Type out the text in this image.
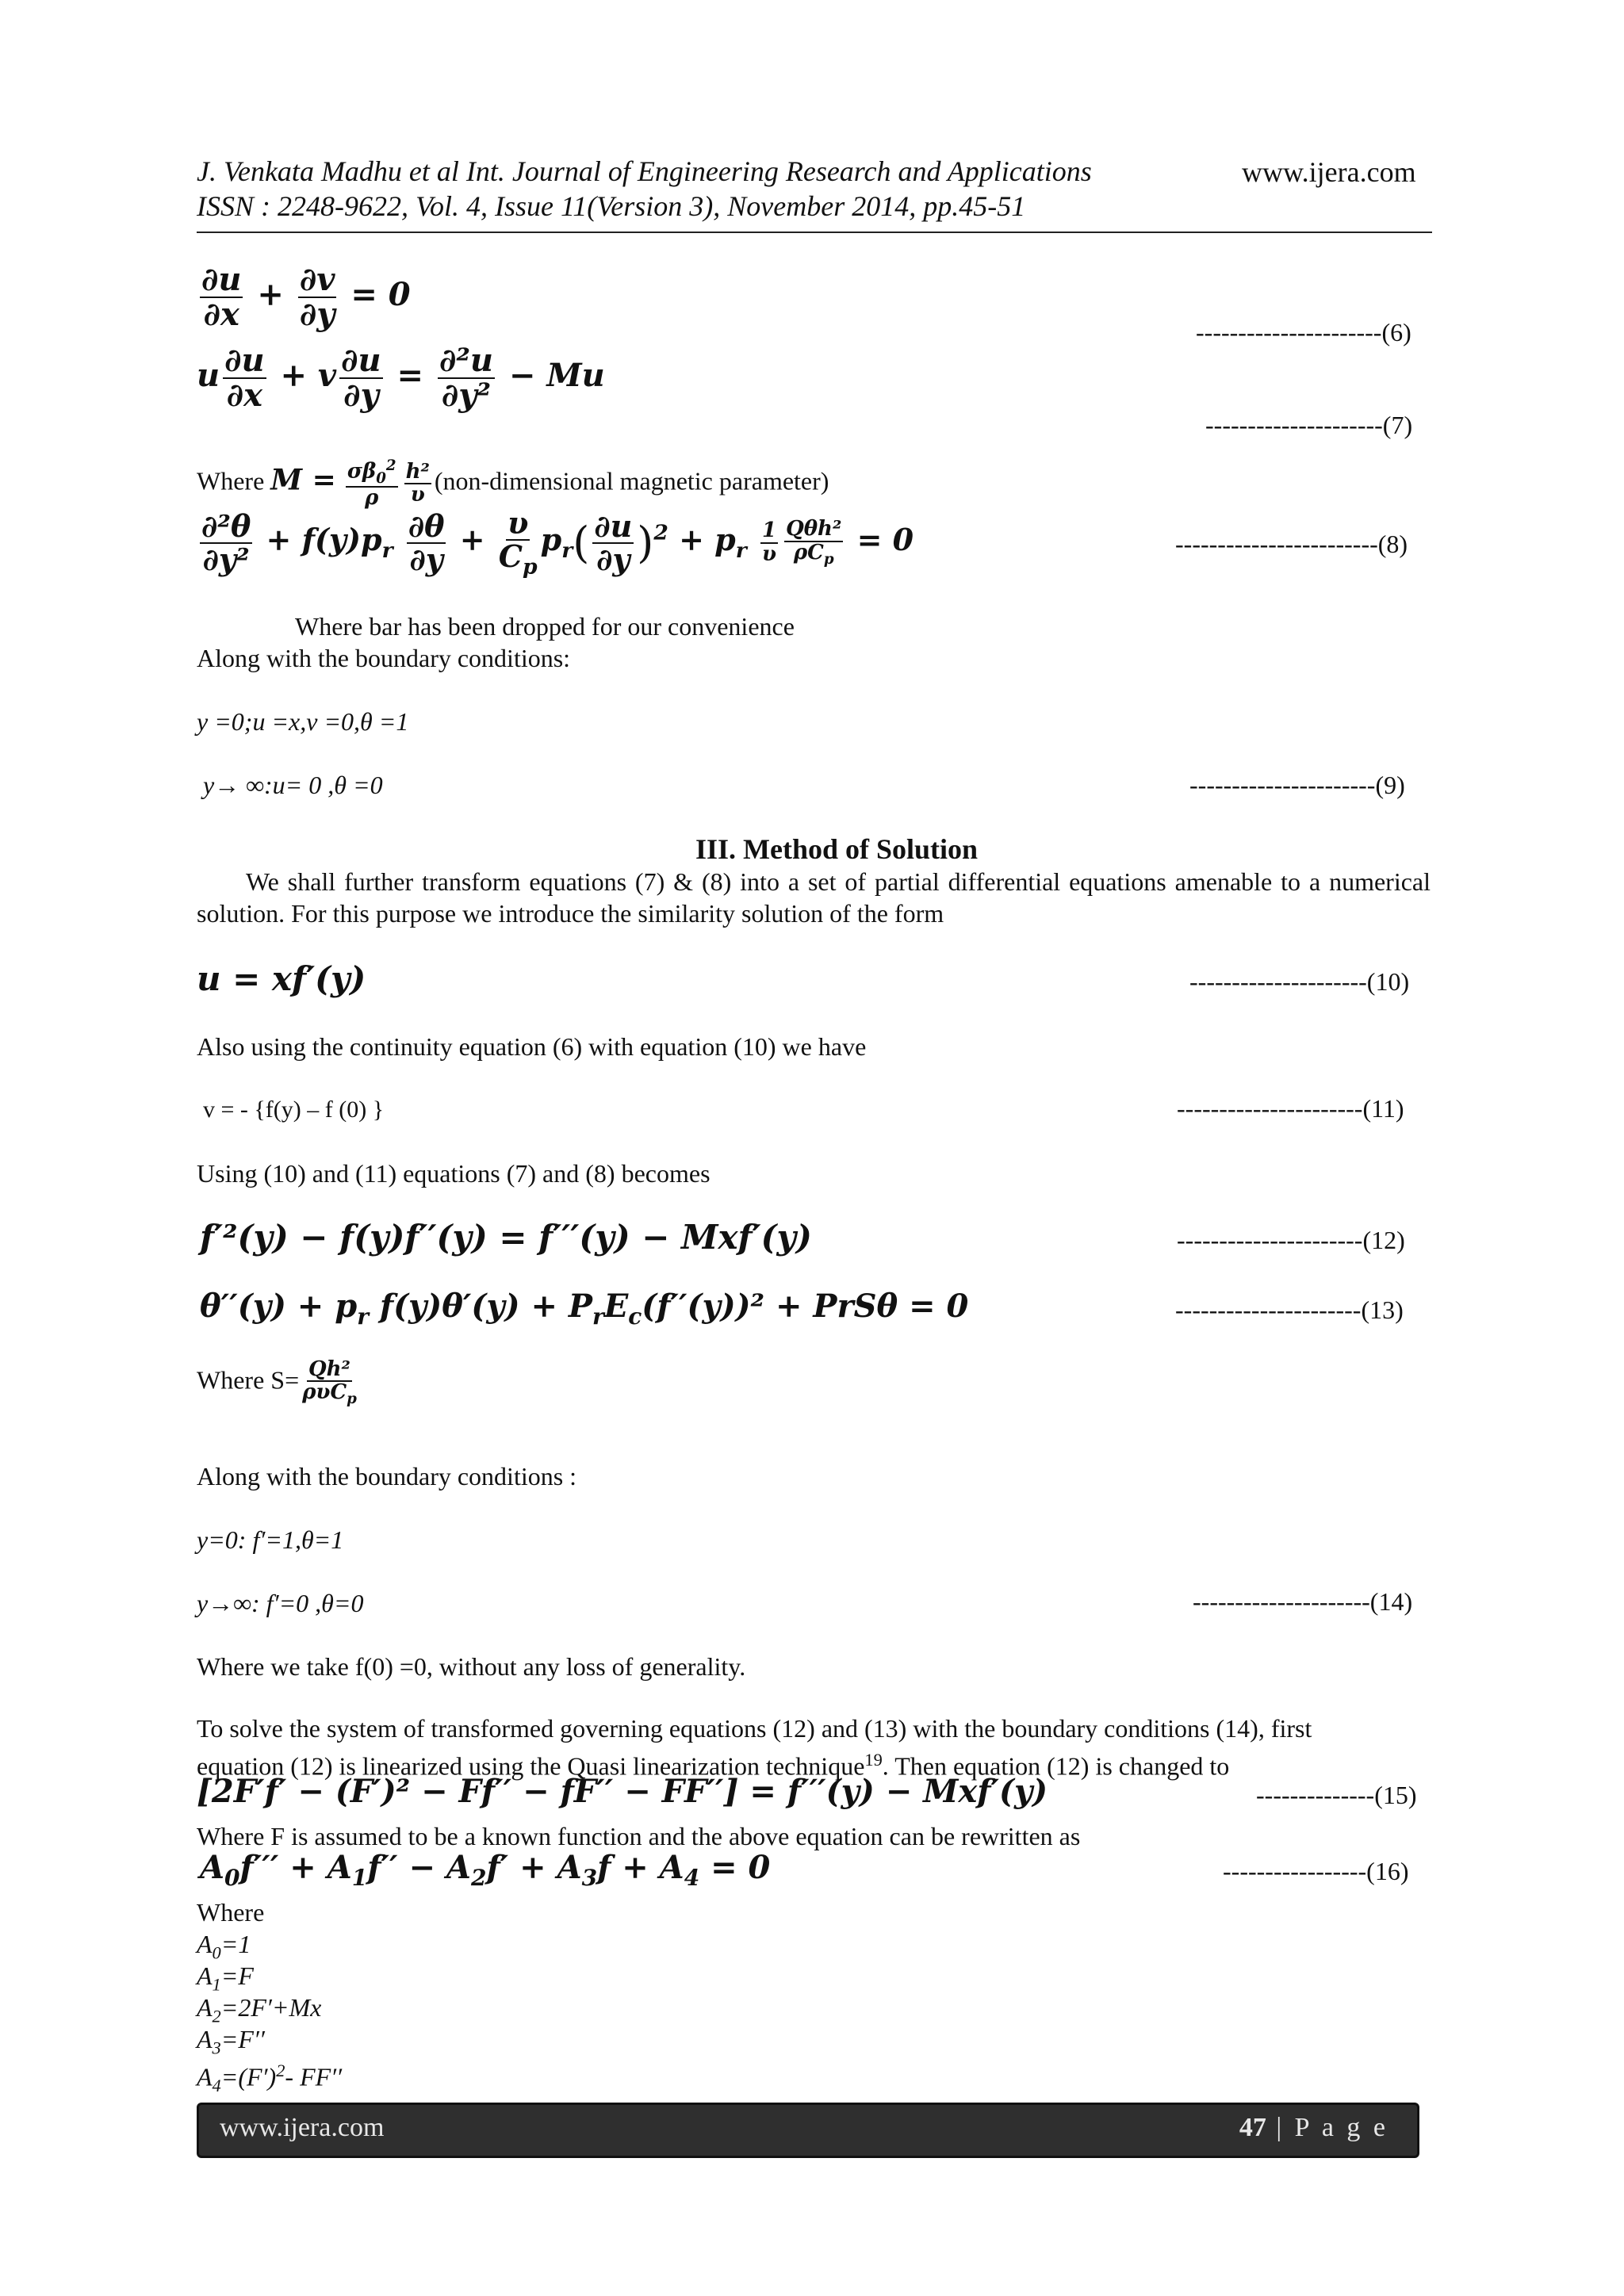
J. Venkata Madhu et al Int. Journal of Engineering Research and Applications	www.ijera.com
ISSN : 2248-9622, Vol. 4, Issue 11(Version 3), November 2014, pp.45-51
$\frac{\partial u}{\partial x} + \frac{\partial v}{\partial y} = 0$
----------------------(6)
u $\frac{\partial u}{\partial x} + v \frac{\partial u}{\partial y} = \frac{\text{∂²u}}{\text{∂y²}} - Mu$
---------------------(7)
Where $M = \frac{\sigma\beta_0^2}{\rho} \frac{\text{h²}}{\upsilon}$ (non-dimensional magnetic parameter)
$\frac{\text{∂²θ}}{\text{∂y²}} + f(y)p_r \frac{\partial\theta}{\partial y} + \frac{\upsilon}{C_p} p_r( \frac{\partial u}{\partial y} )^2 + p_r \frac{1}{\upsilon} \frac{\text{Qθh²}}{\rho C_p} = 0$	------------------------(8)
Where bar has been dropped for our convenience
Along with the boundary conditions:
y =0;u =x,v =0,θ =1
y→ ∞:u= 0 ,θ =0	----------------------(9)
III. Method of Solution
We shall further transform equations (7) & (8) into a set of partial differential equations amenable to a numerical solution. For this purpose we introduce the similarity solution of the form
u = xf′(y)	---------------------(10)
Also using the continuity equation (6) with equation (10) we have
v = - {f(y) – f (0) }	----------------------(11)
Using (10) and (11) equations (7) and (8) becomes
f′²(y) − f(y)f′′(y) = f′′′(y) − Mxf′(y)	----------------------(12)
$\theta''(y) + p_r$ $f(y)\theta'(y) + P_rE_c(f''(y))^2 + PrS\theta = 0$	----------------------(13)
Where $S= \frac{\text{Qh²}}{\rho\upsilon C_p}$
Along with the boundary conditions :
y=0: f′=1,θ=1
y→∞: f′=0 ,θ=0	---------------------(14)
Where we take f(0) =0, without any loss of generality.
To solve the system of transformed governing equations (12) and (13) with the boundary conditions (14), first
equation (12) is linearized using the Quasi linearization technique$^{19}$. Then equation (12) is changed to
[2F′f′ − (F′)² − Ff′′ − fF′′ − FF′′] = f′′′(y) − Mxf′(y)	--------------(15)
Where F is assumed to be a known function and the above equation can be rewritten as
$A_0f''' + A_1f'' - A_2f' + A_3f + A_4 = 0$	-----------------(16)
Where
$A_0=1$
$A_1=F$
$A_2=2F'+Mx$
$A_3=F''$
$A_4=(F')^2-$ FF′′
www.ijera.com	47 | P a g e
